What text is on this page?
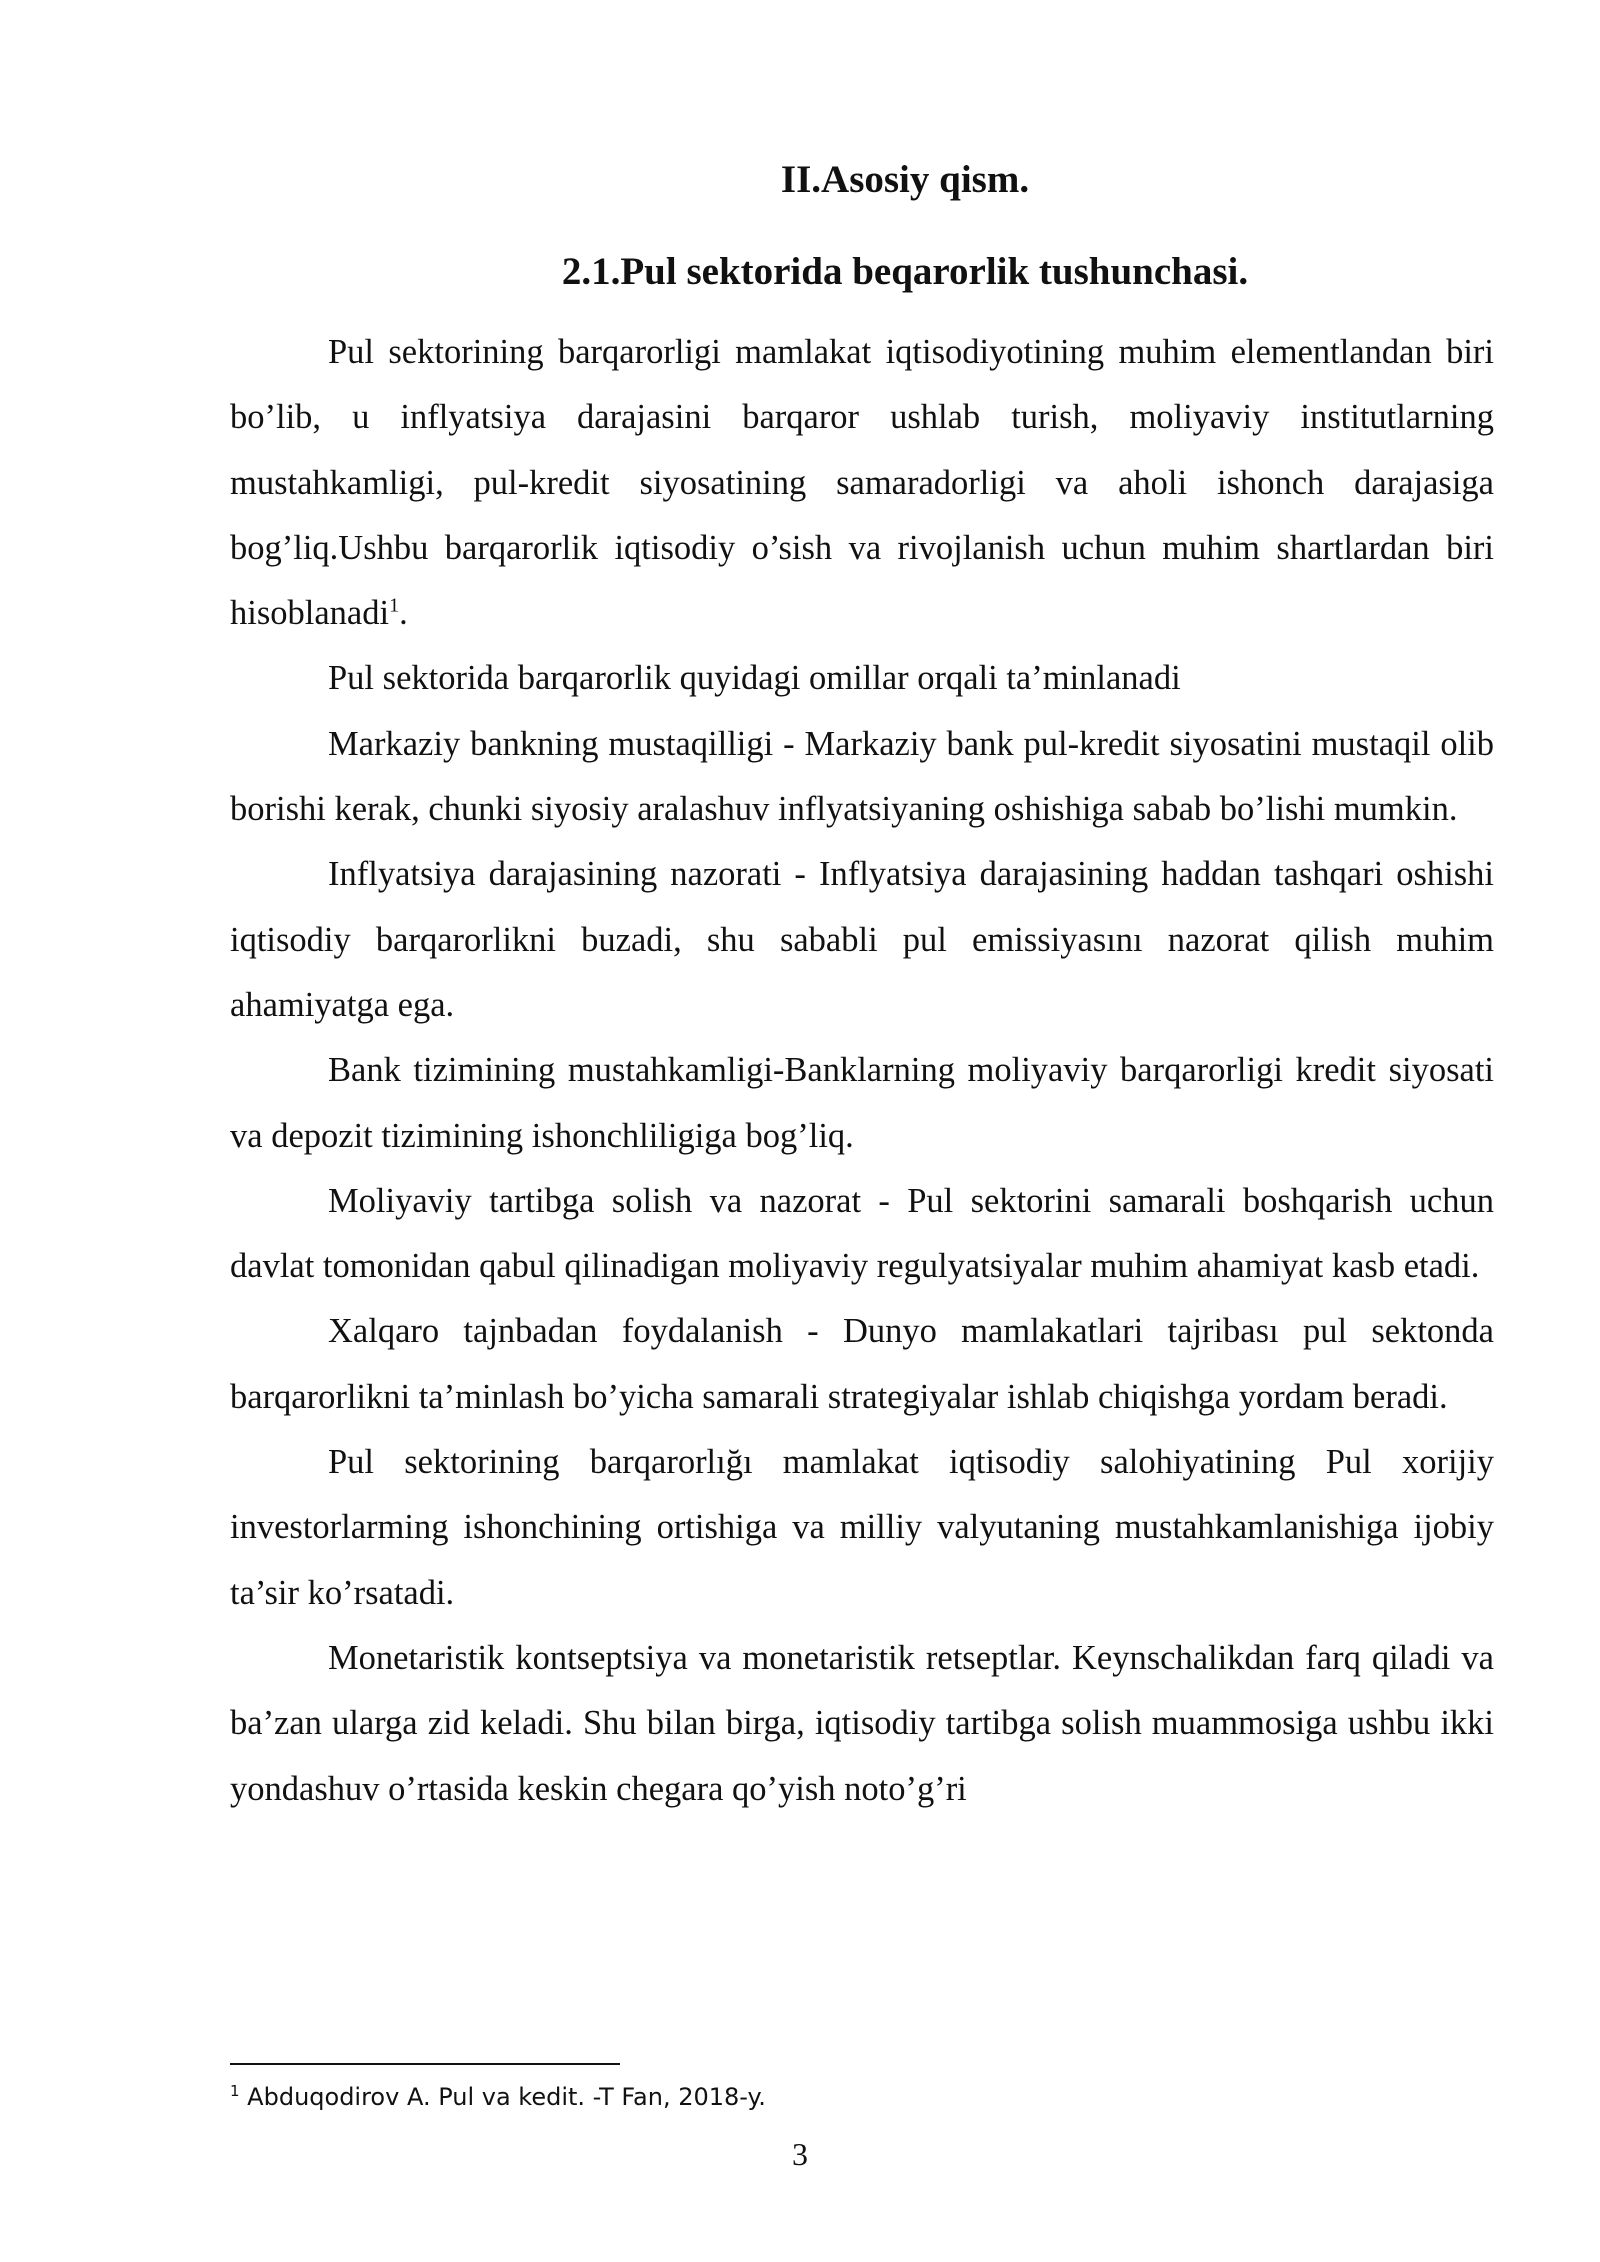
II.Asosiy qism.
2.1.Pul sektorida beqarorlik tushunchasi.

Pul sektorining barqarorligi mamlakat iqtisodiyotining muhim elementlandan biri bo’lib, u inflyatsiya darajasini barqaror ushlab turish, moliyaviy institutlarning mustahkamligi, pul-kredit siyosatining samaradorligi va aholi ishonch darajasiga bog’liq.Ushbu barqarorlik iqtisodiy o’sish va rivojlanish uchun muhim shartlardan biri hisoblanadi$^1$.

Pul sektorida barqarorlik quyidagi omillar orqali ta’minlanadi

Markaziy bankning mustaqilligi - Markaziy bank pul-kredit siyosatini mustaqil olib borishi kerak, chunki siyosiy aralashuv inflyatsiyaning oshishiga sabab bo’lishi mumkin.

Inflyatsiya darajasining nazorati - Inflyatsiya darajasining haddan tashqari oshishi iqtisodiy barqarorlikni buzadi, shu sababli pul emissiyasını nazorat qilish muhim ahamiyatga ega.

Bank tizimining mustahkamligi-Banklarning moliyaviy barqarorligi kredit siyosati va depozit tizimining ishonchliligiga bog’liq.

Moliyaviy tartibga solish va nazorat - Pul sektorini samarali boshqarish uchun davlat tomonidan qabul qilinadigan moliyaviy regulyatsiyalar muhim ahamiyat kasb etadi.

Xalqaro tajnbadan foydalanish - Dunyo mamlakatlari tajribası pul sektonda barqarorlikni ta’minlash bo’yicha samarali strategiyalar ishlab chiqishga yordam beradi.

Pul sektorining barqarorlığı mamlakat iqtisodiy salohiyatining Pul xorijiy investorlarming ishonchining ortishiga va milliy valyutaning mustahkamlanishiga ijobiy ta’sir ko’rsatadi.

Monetaristik kontseptsiya va monetaristik retseptlar. Keynschalikdan farq qiladi va ba’zan ularga zid keladi. Shu bilan birga, iqtisodiy tartibga solish muammosiga ushbu ikki yondashuv o’rtasida keskin chegara qo’yish noto’g’ri

$^1$ Abduqodirov A. Pul va kedit. -T Fan, 2018-y.

3
